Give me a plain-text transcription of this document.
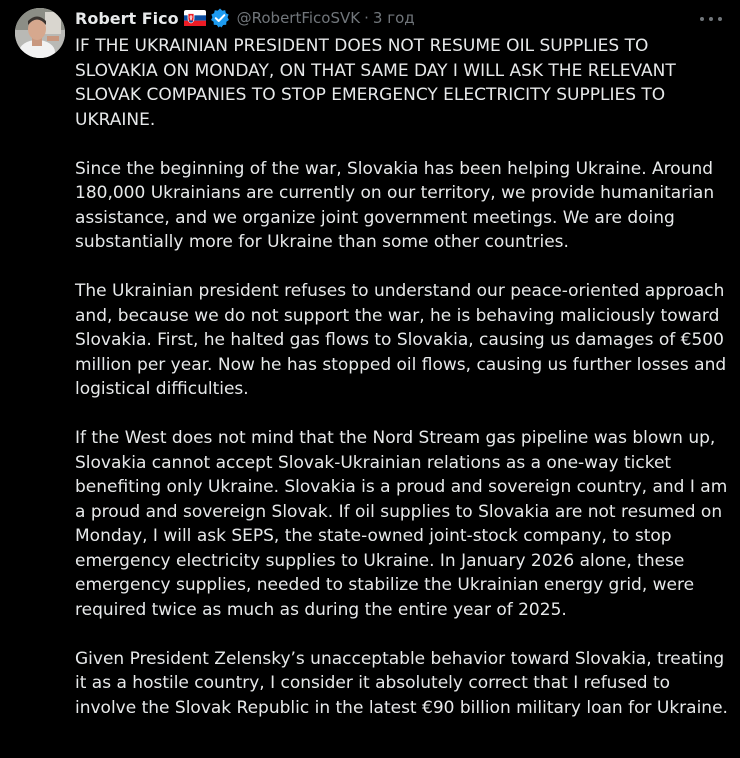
Robert Fico	@RobertFicoSVK · 3 год

IF THE UKRAINIAN PRESIDENT DOES NOT RESUME OIL SUPPLIES TO SLOVAKIA ON MONDAY, ON THAT SAME DAY I WILL ASK THE RELEVANT SLOVAK COMPANIES TO STOP EMERGENCY ELECTRICITY SUPPLIES TO UKRAINE.

Since the beginning of the war, Slovakia has been helping Ukraine. Around 180,000 Ukrainians are currently on our territory, we provide humanitarian assistance, and we organize joint government meetings. We are doing substantially more for Ukraine than some other countries.

The Ukrainian president refuses to understand our peace-oriented approach and, because we do not support the war, he is behaving maliciously toward Slovakia. First, he halted gas flows to Slovakia, causing us damages of €500 million per year. Now he has stopped oil flows, causing us further losses and logistical difficulties.

If the West does not mind that the Nord Stream gas pipeline was blown up, Slovakia cannot accept Slovak-Ukrainian relations as a one-way ticket benefiting only Ukraine. Slovakia is a proud and sovereign country, and I am a proud and sovereign Slovak. If oil supplies to Slovakia are not resumed on Monday, I will ask SEPS, the state-owned joint-stock company, to stop emergency electricity supplies to Ukraine. In January 2026 alone, these emergency supplies, needed to stabilize the Ukrainian energy grid, were required twice as much as during the entire year of 2025.

Given President Zelensky’s unacceptable behavior toward Slovakia, treating it as a hostile country, I consider it absolutely correct that I refused to involve the Slovak Republic in the latest €90 billion military loan for Ukraine.
